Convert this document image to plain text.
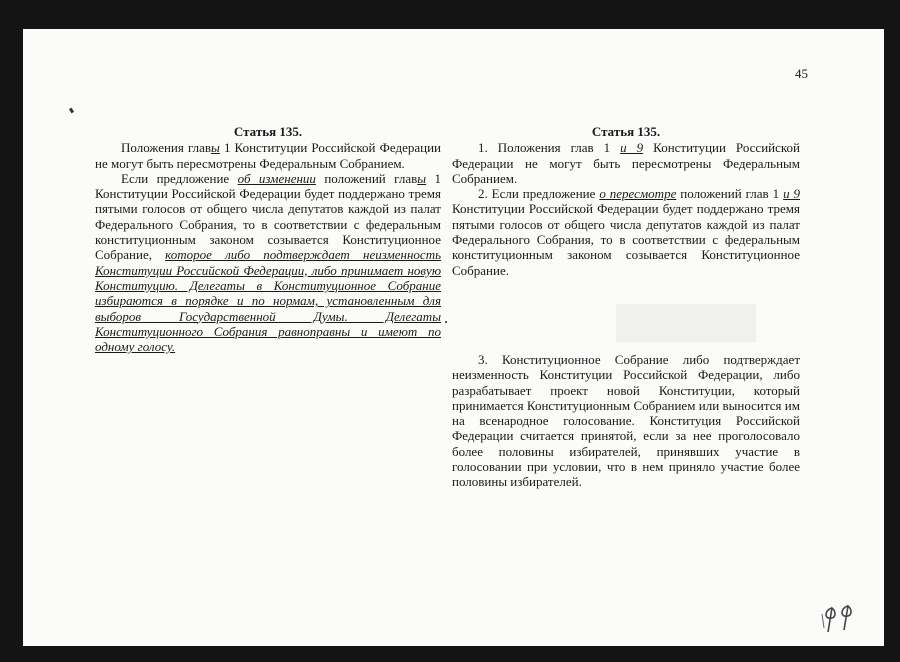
45

Статья 135.

Положения главы 1 Конституции Российской Федерации не могут быть пересмотрены Федеральным Собранием.

Если предложение об изменении положений главы 1 Конституции Российской Федерации будет поддержано тремя пятыми голосов от общего числа депутатов каждой из палат Федерального Собрания, то в соответствии с федеральным конституционным законом созывается Конституционное Собрание, которое либо подтверждает неизменность Конституции Российской Федерации, либо принимает новую Конституцию. Делегаты в Конституционное Собрание избираются в порядке и по нормам, установленным для выборов Государственной Думы. Делегаты Конституционного Собрания равноправны и имеют по одному голосу.

Статья 135.

1. Положения глав 1 и 9 Конституции Российской Федерации не могут быть пересмотрены Федеральным Собранием.

2. Если предложение о пересмотре положений глав 1 и 9 Конституции Российской Федерации будет поддержано тремя пятыми голосов от общего числа депутатов каждой из палат Федерального Собрания, то в соответствии с федеральным конституционным законом созывается Конституционное Собрание.

3. Конституционное Собрание либо подтверждает неизменность Конституции Российской Федерации, либо разрабатывает проект новой Конституции, который принимается Конституционным Собранием или выносится им на всенародное голосование. Конституция Российской Федерации считается принятой, если за нее проголосовало более половины избирателей, принявших участие в голосовании при условии, что в нем приняло участие более половины избирателей.
